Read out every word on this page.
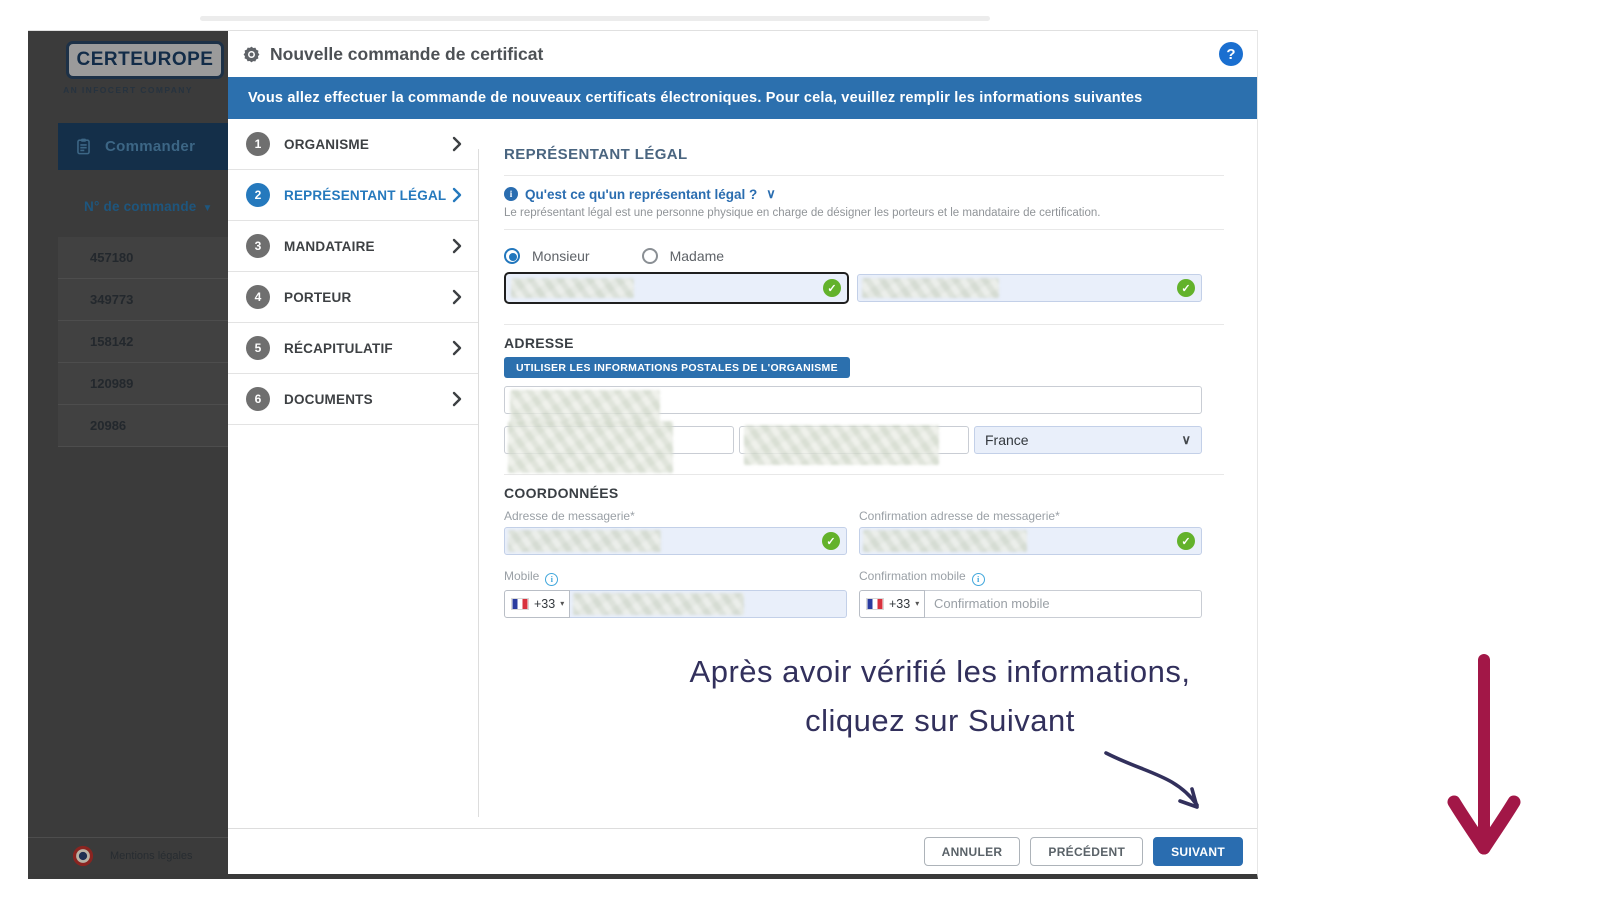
CERTEUROPE
AN INFOCERT COMPANY
Commander
N° de commande ▼
457180
349773
158142
120989
20986
Mentions légales
Nouvelle commande de certificat	?
Vous allez effectuer la commande de nouveaux certificats électroniques. Pour cela, veuillez remplir les informations suivantes
1	ORGANISME
2	REPRÉSENTANT LÉGAL
3	MANDATAIRE
4	PORTEUR
5	RÉCAPITULATIF
6	DOCUMENTS
REPRÉSENTANT LÉGAL
i Qu'est ce qu'un représentant légal ? ∨
Le représentant légal est une personne physique en charge de désigner les porteurs et le mandataire de certification.
Monsieur	Madame
✓	✓
ADRESSE
UTILISER LES INFORMATIONS POSTALES DE L'ORGANISME
France	∨
COORDONNÉES
Adresse de messagerie*	Confirmation adresse de messagerie*
✓	✓
Mobile i	Confirmation mobile i
+33 ▾	+33 ▾
Confirmation mobile
ANNULER	PRÉCÉDENT	SUIVANT
Après avoir vérifié les informations,
cliquez sur Suivant
